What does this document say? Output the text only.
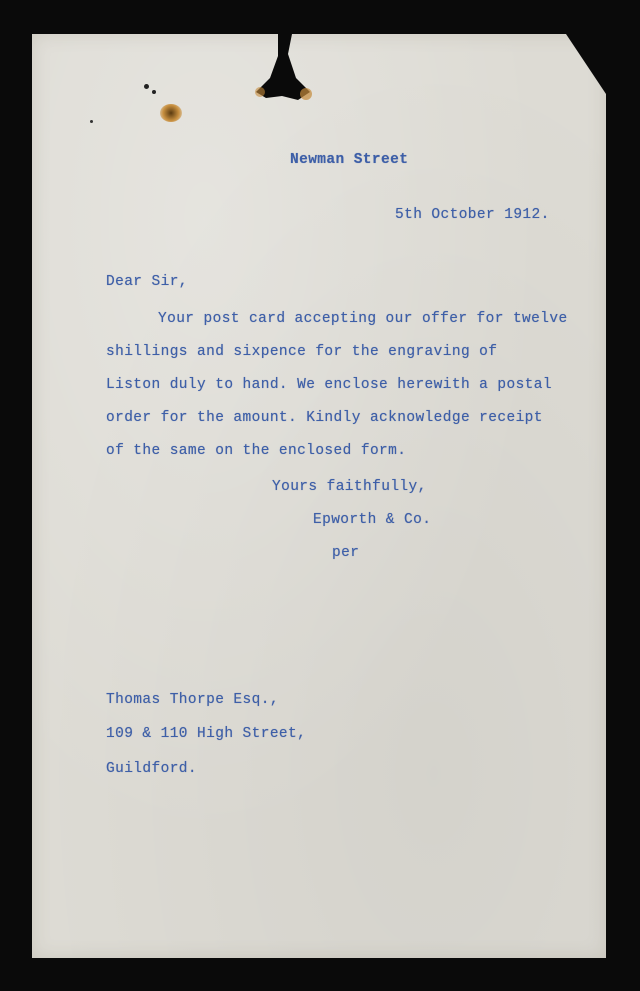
Newman Street

5th October 1912.

Dear Sir,

Your post card accepting our offer for twelve

shillings and sixpence for the engraving of

Liston duly to hand. We enclose herewith a postal

order for the amount. Kindly acknowledge receipt

of the same on the enclosed form.

Yours faithfully,

Epworth & Co.

per

Thomas Thorpe Esq.,

109 & 110 High Street,

Guildford.
